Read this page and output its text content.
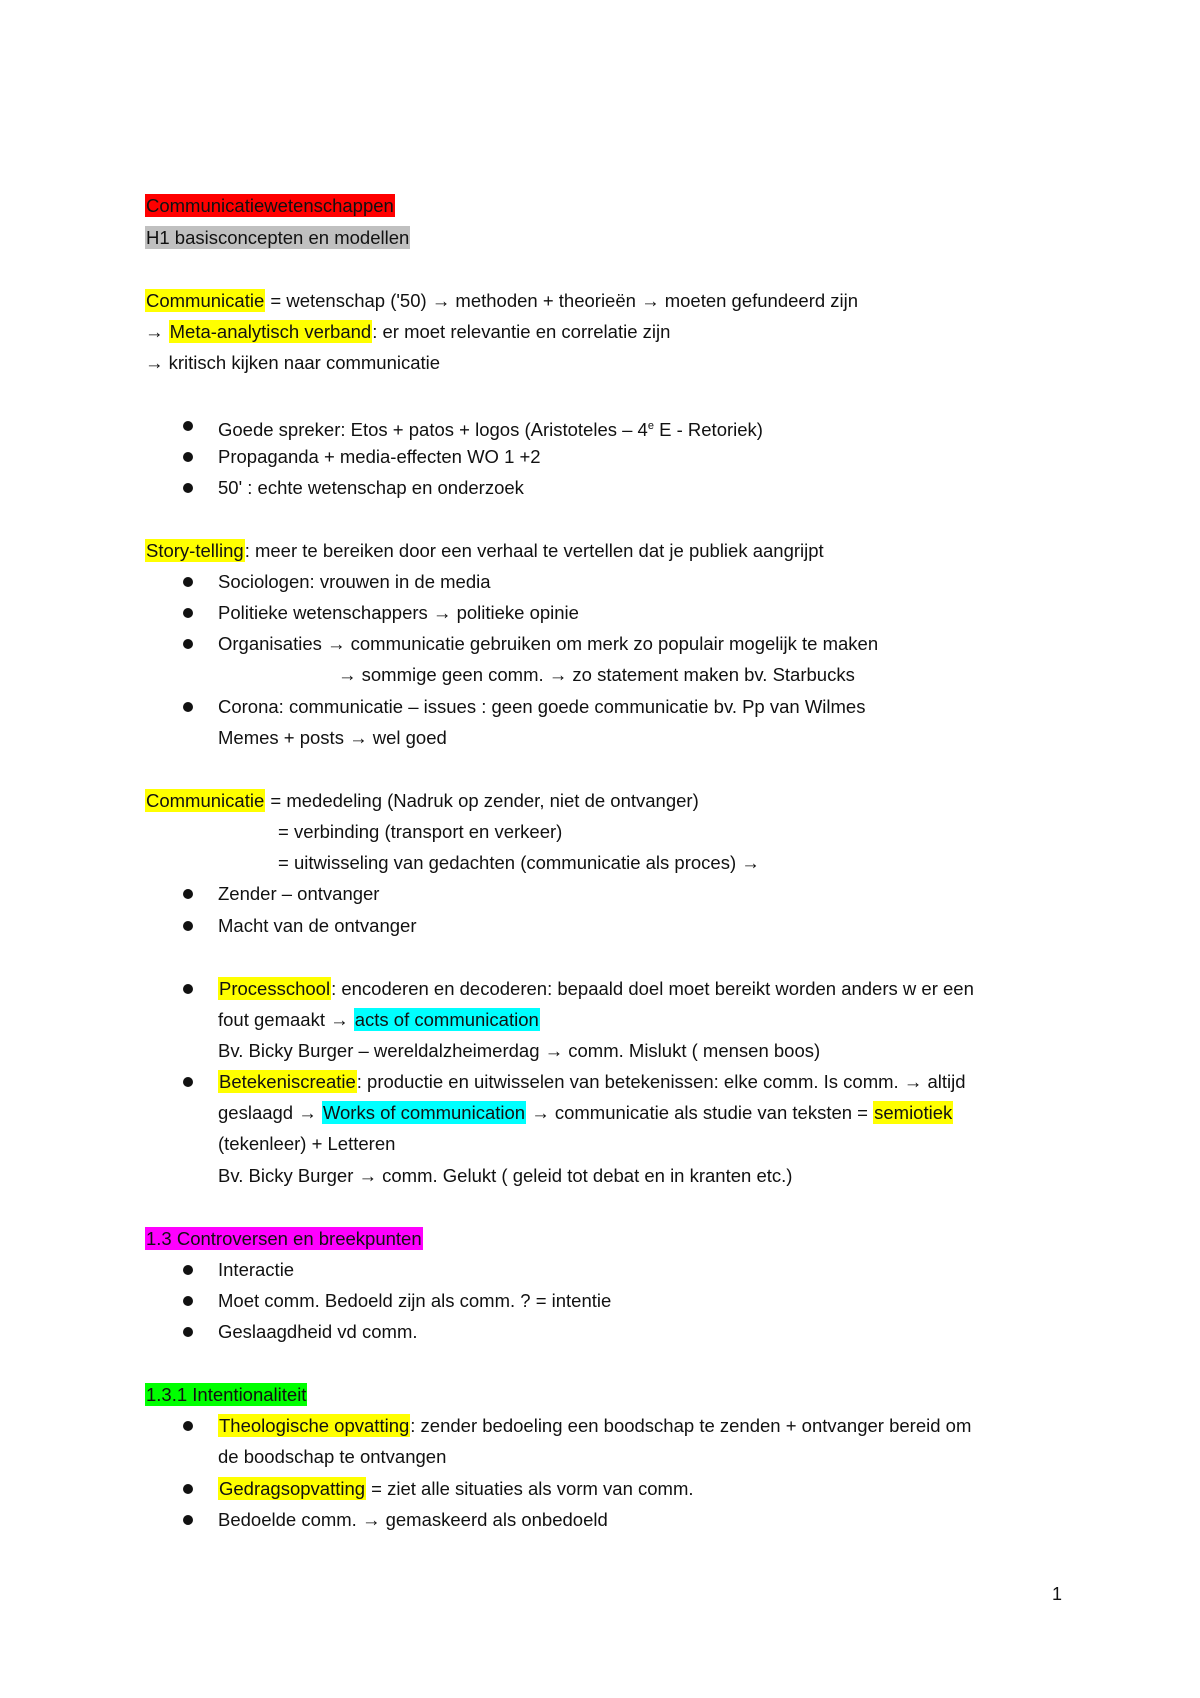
Communicatiewetenschappen
H1 basisconcepten en modellen
Communicatie = wetenschap ('50) → methoden + theorieën → moeten gefundeerd zijn
→ Meta-analytisch verband: er moet relevantie en correlatie zijn
→ kritisch kijken naar communicatie
Goede spreker: Etos + patos + logos (Aristoteles – 4e E - Retoriek)
Propaganda + media-effecten WO 1 +2
50' : echte wetenschap en onderzoek
Story-telling: meer te bereiken door een verhaal te vertellen dat je publiek aangrijpt
Sociologen: vrouwen in de media
Politieke wetenschappers → politieke opinie
Organisaties → communicatie gebruiken om merk zo populair mogelijk te maken
→ sommige geen comm. → zo statement maken bv. Starbucks
Corona: communicatie – issues : geen goede communicatie bv. Pp van Wilmes
Memes + posts → wel goed
Communicatie = mededeling (Nadruk op zender, niet de ontvanger)
= verbinding (transport en verkeer)
= uitwisseling van gedachten (communicatie als proces) →
Zender – ontvanger
Macht van de ontvanger
Processchool: encoderen en decoderen: bepaald doel moet bereikt worden anders w er een
fout gemaakt → acts of communication
Bv. Bicky Burger – wereldalzheimerdag → comm. Mislukt ( mensen boos)
Betekeniscreatie: productie en uitwisselen van betekenissen: elke comm. Is comm. → altijd
geslaagd → Works of communication → communicatie als studie van teksten = semiotiek
(tekenleer) + Letteren
Bv. Bicky Burger → comm. Gelukt ( geleid tot debat en in kranten etc.)
1.3 Controversen en breekpunten
Interactie
Moet comm. Bedoeld zijn als comm. ? = intentie
Geslaagdheid vd comm.
1.3.1 Intentionaliteit
Theologische opvatting: zender bedoeling een boodschap te zenden + ontvanger bereid om
de boodschap te ontvangen
Gedragsopvatting = ziet alle situaties als vorm van comm.
Bedoelde comm. → gemaskeerd als onbedoeld
1
